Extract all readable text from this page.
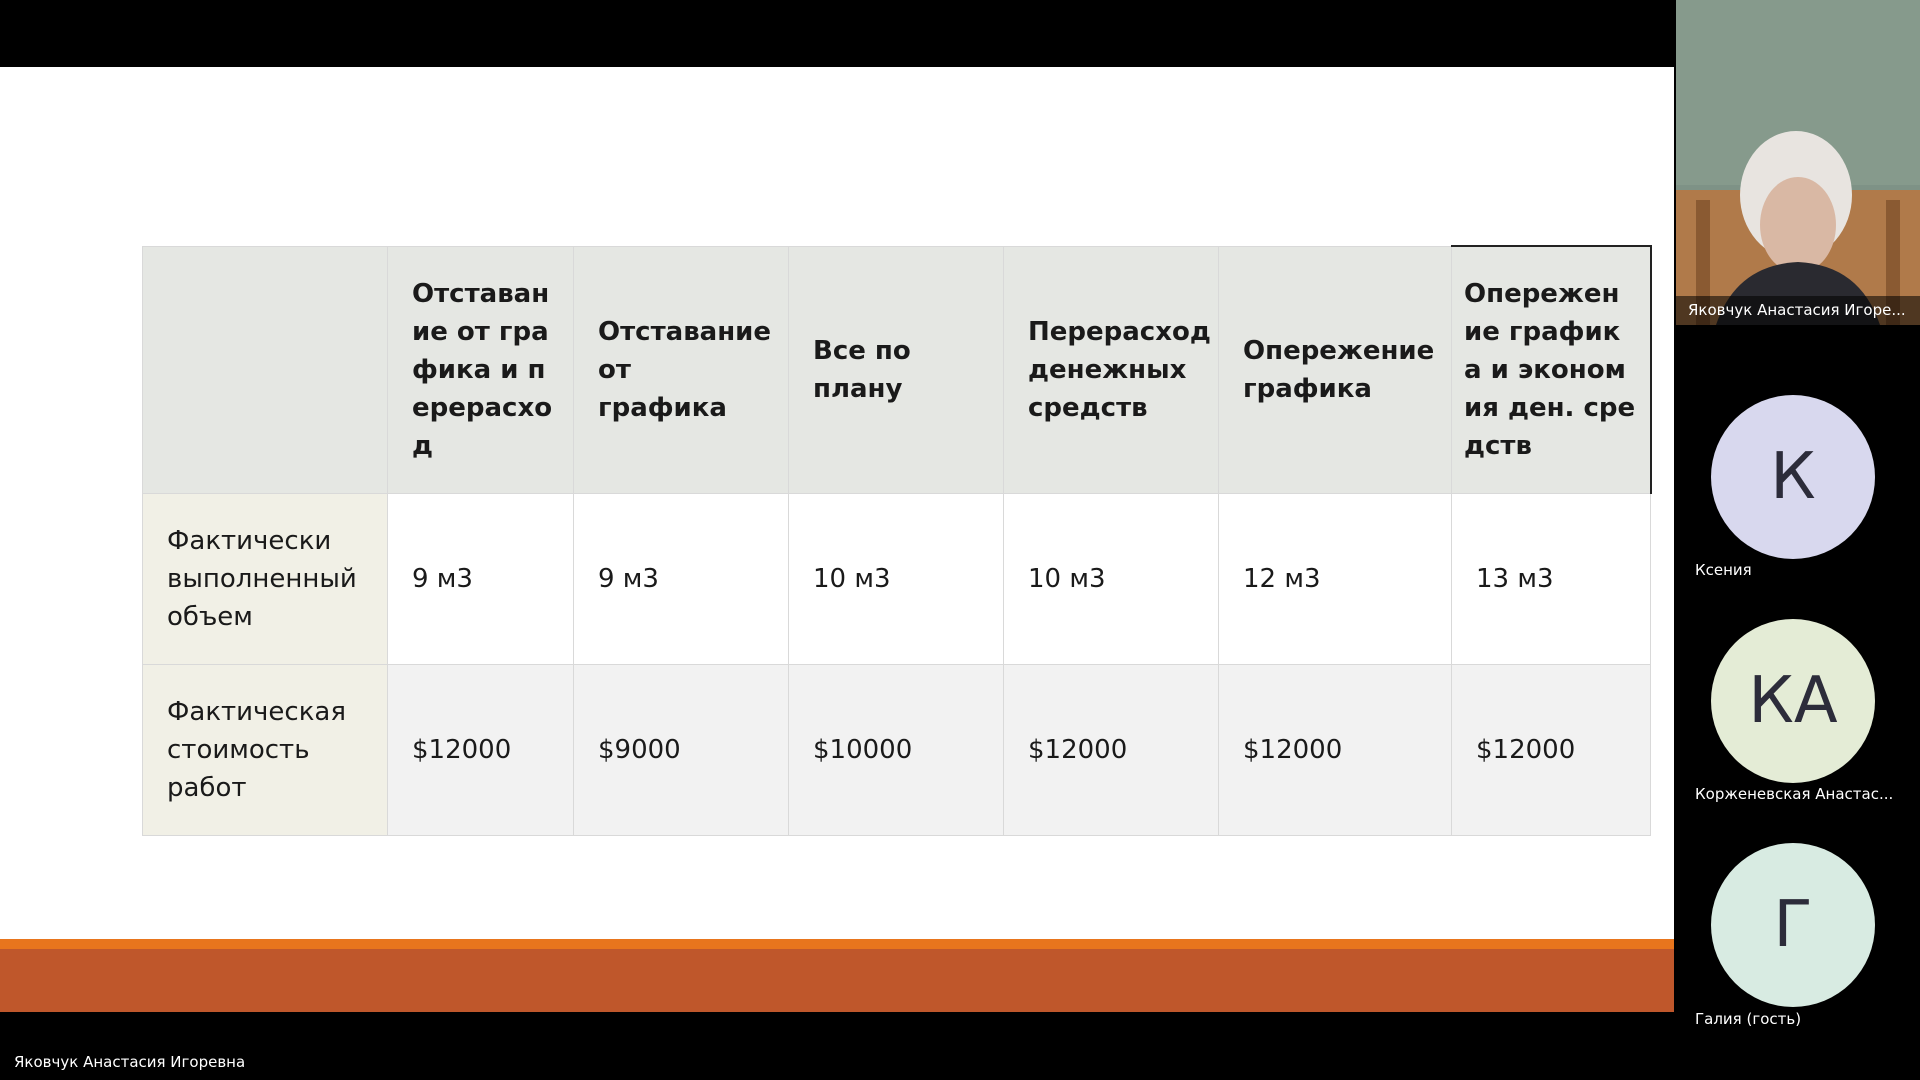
	Отставание от графика и перерасход	Отставание от графика	Все по плану	Перерасход денежных средств	Опережение графика	Опережение графика и экономия ден. средств
Фактически выполненный объем	9 м3	9 м3	10 м3	10 м3	12 м3	13 м3
Фактическая стоимость работ	$12000	$9000	$10000	$12000	$12000	$12000
Яковчук Анастасия Игоревна
Яковчук Анастасия Игоре...
К
Ксения
КА
Корженевская Анастас...
Г
Галия (гость)
